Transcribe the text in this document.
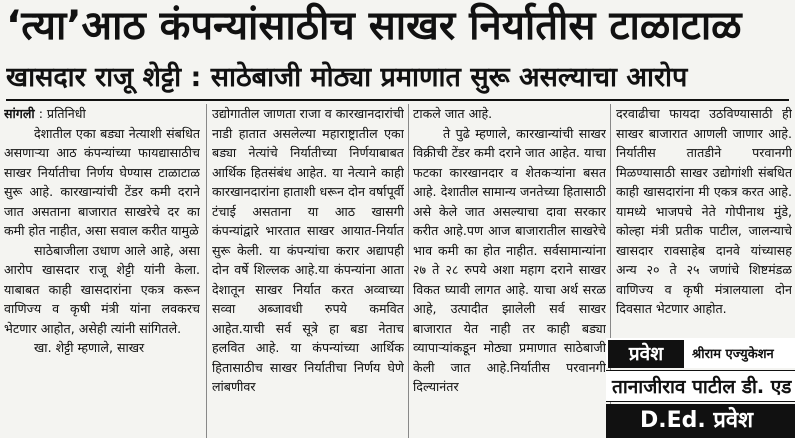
‘त्या’आठ कंपन्यांसाठीच साखर निर्यातीस टाळाटाळ
खासदार राजू शेट्टी : साठेबाजी मोठ्या प्रमाणात सुरू असल्याचा आरोप

सांगली : प्रतिनिधी

देशातील एका बड्या नेत्याशी संबधित असणाऱ्या आठ कंपन्यांच्या फायद्यासाठीच साखर निर्यातीचा निर्णय घेण्यास टाळाटाळ सुरू आहे. कारखान्यांची टेंडर कमी दराने जात असताना बाजारात साखरेचे दर का कमी होत नाहीत, असा सवाल करीत यामुळे

साठेबाजीला उधाण आले आहे, असा आरोप खासदार राजू शेट्टी यांनी केला. याबाबत काही खासदारांना एकत्र करून वाणिज्य व कृषी मंत्री यांना लवकरच भेटणार आहोत, असेही त्यांनी सांगितले.

खा. शेट्टी म्हणाले, साखर

उद्योगातील जाणता राजा व कारखानदारांची नाडी हातात असलेल्या महाराष्ट्रातील एका बड्या नेत्यांचे निर्यातीच्या निर्णयाबाबत आर्थिक हितसंबंध आहेत. या नेत्याने काही कारखानदारांना हाताशी धरून दोन वर्षापूर्वी टंचाई असताना या आठ खासगी कंपन्यांद्वारे भारतात साखर आयात-निर्यात सुरू केली. या कंपन्यांचा करार अद्यापही दोन वर्षे शिल्लक आहे.या कंपन्यांना आता देशातून साखर निर्यात करत अव्वाच्या सव्वा अब्जावधी रुपये कमवित आहेत.याची सर्व सूत्रे हा बडा नेताच हलवित आहे. या कंपन्यांच्या आर्थिक हितासाठीच साखर निर्यातीचा निर्णय घेणे लांबणीवर

टाकले जात आहे.

ते पुढे म्हणाले, कारखान्यांची साखर विक्रीची टेंडर कमी दराने जात आहेत. याचा फटका कारखानदार व शेतकऱ्यांना बसत आहे. देशातील सामान्य जनतेच्या हितासाठी असे केले जात असल्याचा दावा सरकार करीत आहे.पण आज बाजारातील साखरेचे भाव कमी का होत नाहीत. सर्वसामान्यांना २७ ते २८ रुपये अशा महाग दराने साखर विकत घ्यावी लागत आहे. याचा अर्थ सरळ आहे, उत्पादीत झालेली सर्व साखर बाजारात येत नाही तर काही बड्या व्यापाऱ्यांकडून मोठ्या प्रमाणात साठेबाजी केली जात आहे.निर्यातीस परवानगी दिल्यानंतर

दरवाढीचा फायदा उठविण्यासाठी ही साखर बाजारात आणली जाणार आहे. निर्यातीस तातडीने परवानगी मिळण्यासाठी साखर उद्योगांशी संबधित काही खासदारांना मी एकत्र करत आहे. यामध्ये भाजपचे नेते गोपीनाथ मुंडे, कोल्हा मंत्री प्रतीक पाटील, जालन्याचे खासदार रावसाहेब दानवे यांच्यासह अन्य २० ते २५ जणांचे शिष्टमंडळ वाणिज्य व कृषी मंत्रालयाला दोन दिवसात भेटणार आहोत.

प्रवेश	श्रीराम एज्युकेशन
तानाजीराव पाटील डी. एड
D.Ed. प्रवेश
